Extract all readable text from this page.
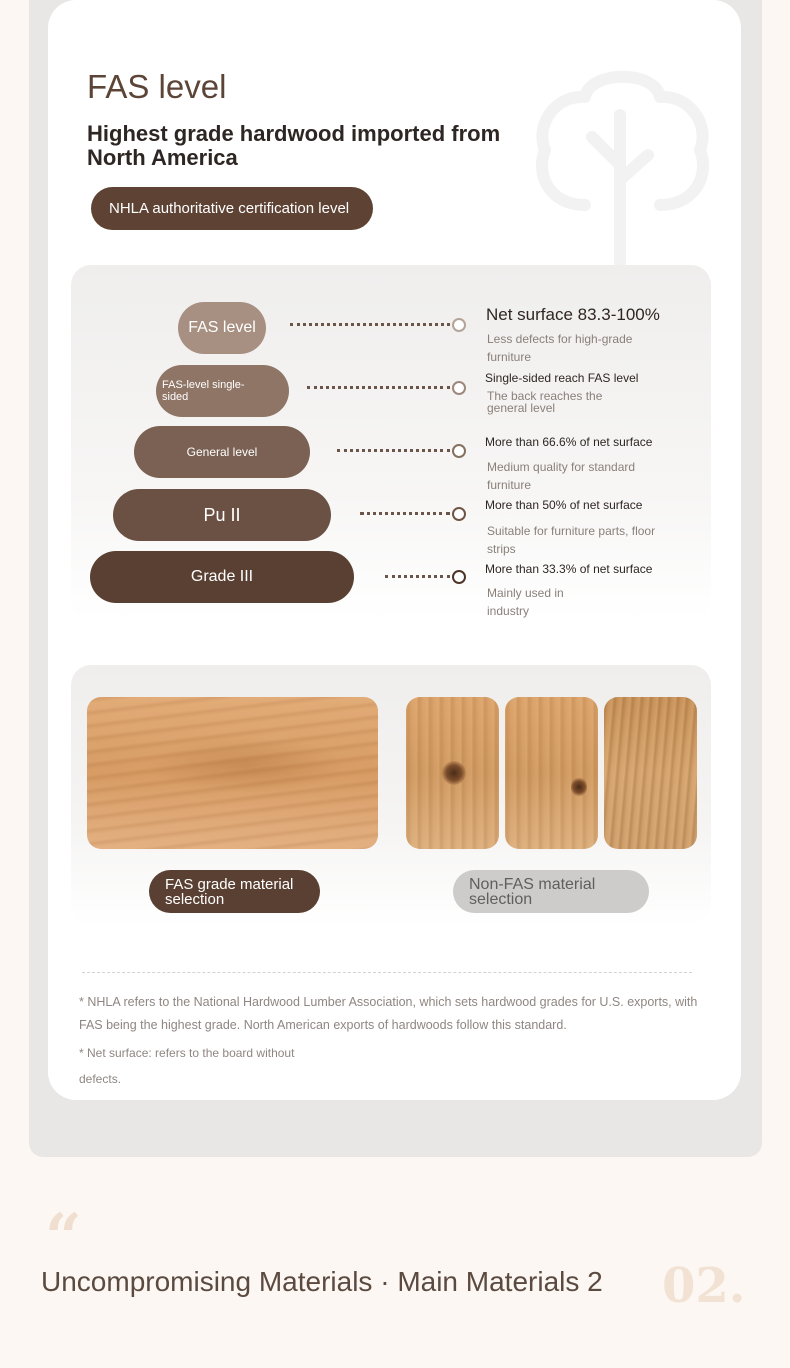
FAS level
Highest grade hardwood imported from North America
NHLA authoritative certification level
FAS level

Net surface 83.3-100%

Less defects for high-grade furniture

FAS-level single-sided

Single-sided reach FAS level

The back reaches the general level

General level

More than 66.6% of net surface

Medium quality for standard furniture

Pu II	More than 50% of net surface

Suitable for furniture parts, floor strips

Grade III	More than 33.3% of net surface

Mainly used in industry

FAS grade material selection
Non-FAS material selection

* NHLA refers to the National Hardwood Lumber Association, which sets hardwood grades for U.S. exports, with FAS being the highest grade. North American exports of hardwoods follow this standard.

* Net surface: refers to the board without defects.

“
Uncompromising Materials · Main Materials 2 02.
